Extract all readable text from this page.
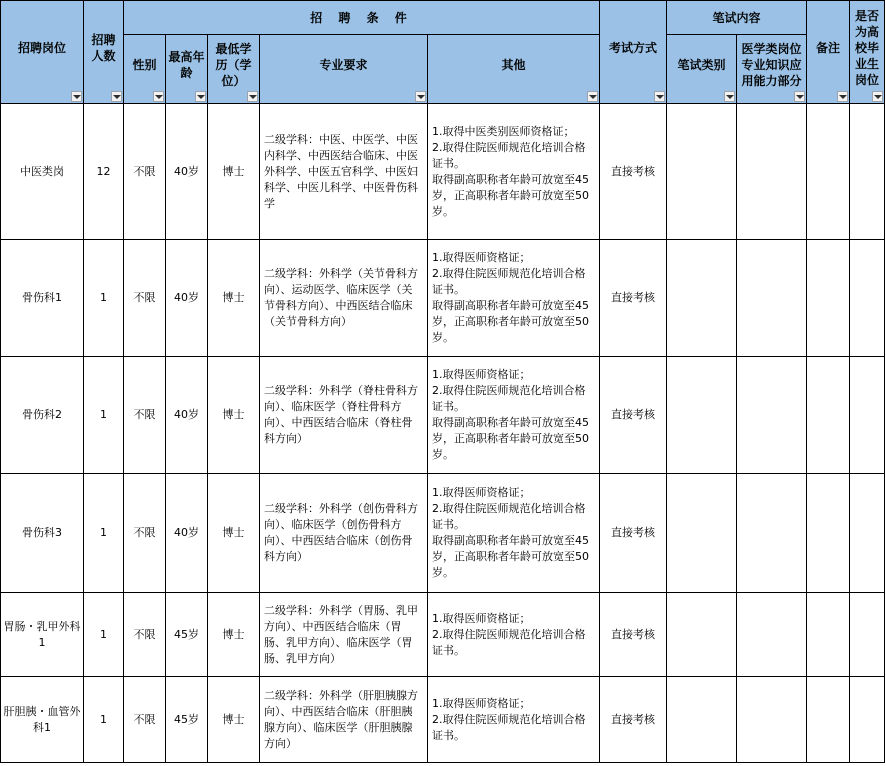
招聘岗位	招聘人数	招 聘 条 件					考试方式	笔试内容		备注	是否为高校毕业生岗位

		性别	最高年龄	最低学历（学位）	专业要求	其他		笔试类别	医学类岗位专业知识应用能力部分		

中医类岗	12	不限	40岁	博士	二级学科：中医、中医学、中医内科学、中西医结合临床、中医外科学、中医五官科学、中医妇科学、中医儿科学、中医骨伤科学	1.取得中医类别医师资格证；
2.取得住院医师规范化培训合格证书。
取得副高职称者年龄可放宽至45岁，正高职称者年龄可放宽至50岁。	直接考核				
骨伤科1	1	不限	40岁	博士	二级学科：外科学（关节骨科方向）、运动医学、临床医学（关节骨科方向）、中西医结合临床（关节骨科方向）	1.取得医师资格证；
2.取得住院医师规范化培训合格证书。
取得副高职称者年龄可放宽至45岁，正高职称者年龄可放宽至50岁。	直接考核				
骨伤科2	1	不限	40岁	博士	二级学科：外科学（脊柱骨科方向）、临床医学（脊柱骨科方向）、中西医结合临床（脊柱骨科方向）	1.取得医师资格证；
2.取得住院医师规范化培训合格证书。
取得副高职称者年龄可放宽至45岁，正高职称者年龄可放宽至50岁。	直接考核				
骨伤科3	1	不限	40岁	博士	二级学科：外科学（创伤骨科方向）、临床医学（创伤骨科方向）、中西医结合临床（创伤骨科方向）	1.取得医师资格证；
2.取得住院医师规范化培训合格证书。
取得副高职称者年龄可放宽至45岁，正高职称者年龄可放宽至50岁。	直接考核				
胃肠・乳甲外科1	1	不限	45岁	博士	二级学科：外科学（胃肠、乳甲方向）、中西医结合临床（胃肠、乳甲方向）、临床医学（胃肠、乳甲方向）	1.取得医师资格证；
2.取得住院医师规范化培训合格证书。	直接考核				
肝胆胰・血管外科1	1	不限	45岁	博士	二级学科：外科学（肝胆胰腺方向）、中西医结合临床（肝胆胰腺方向）、临床医学（肝胆胰腺方向）	1.取得医师资格证；
2.取得住院医师规范化培训合格证书。	直接考核				
